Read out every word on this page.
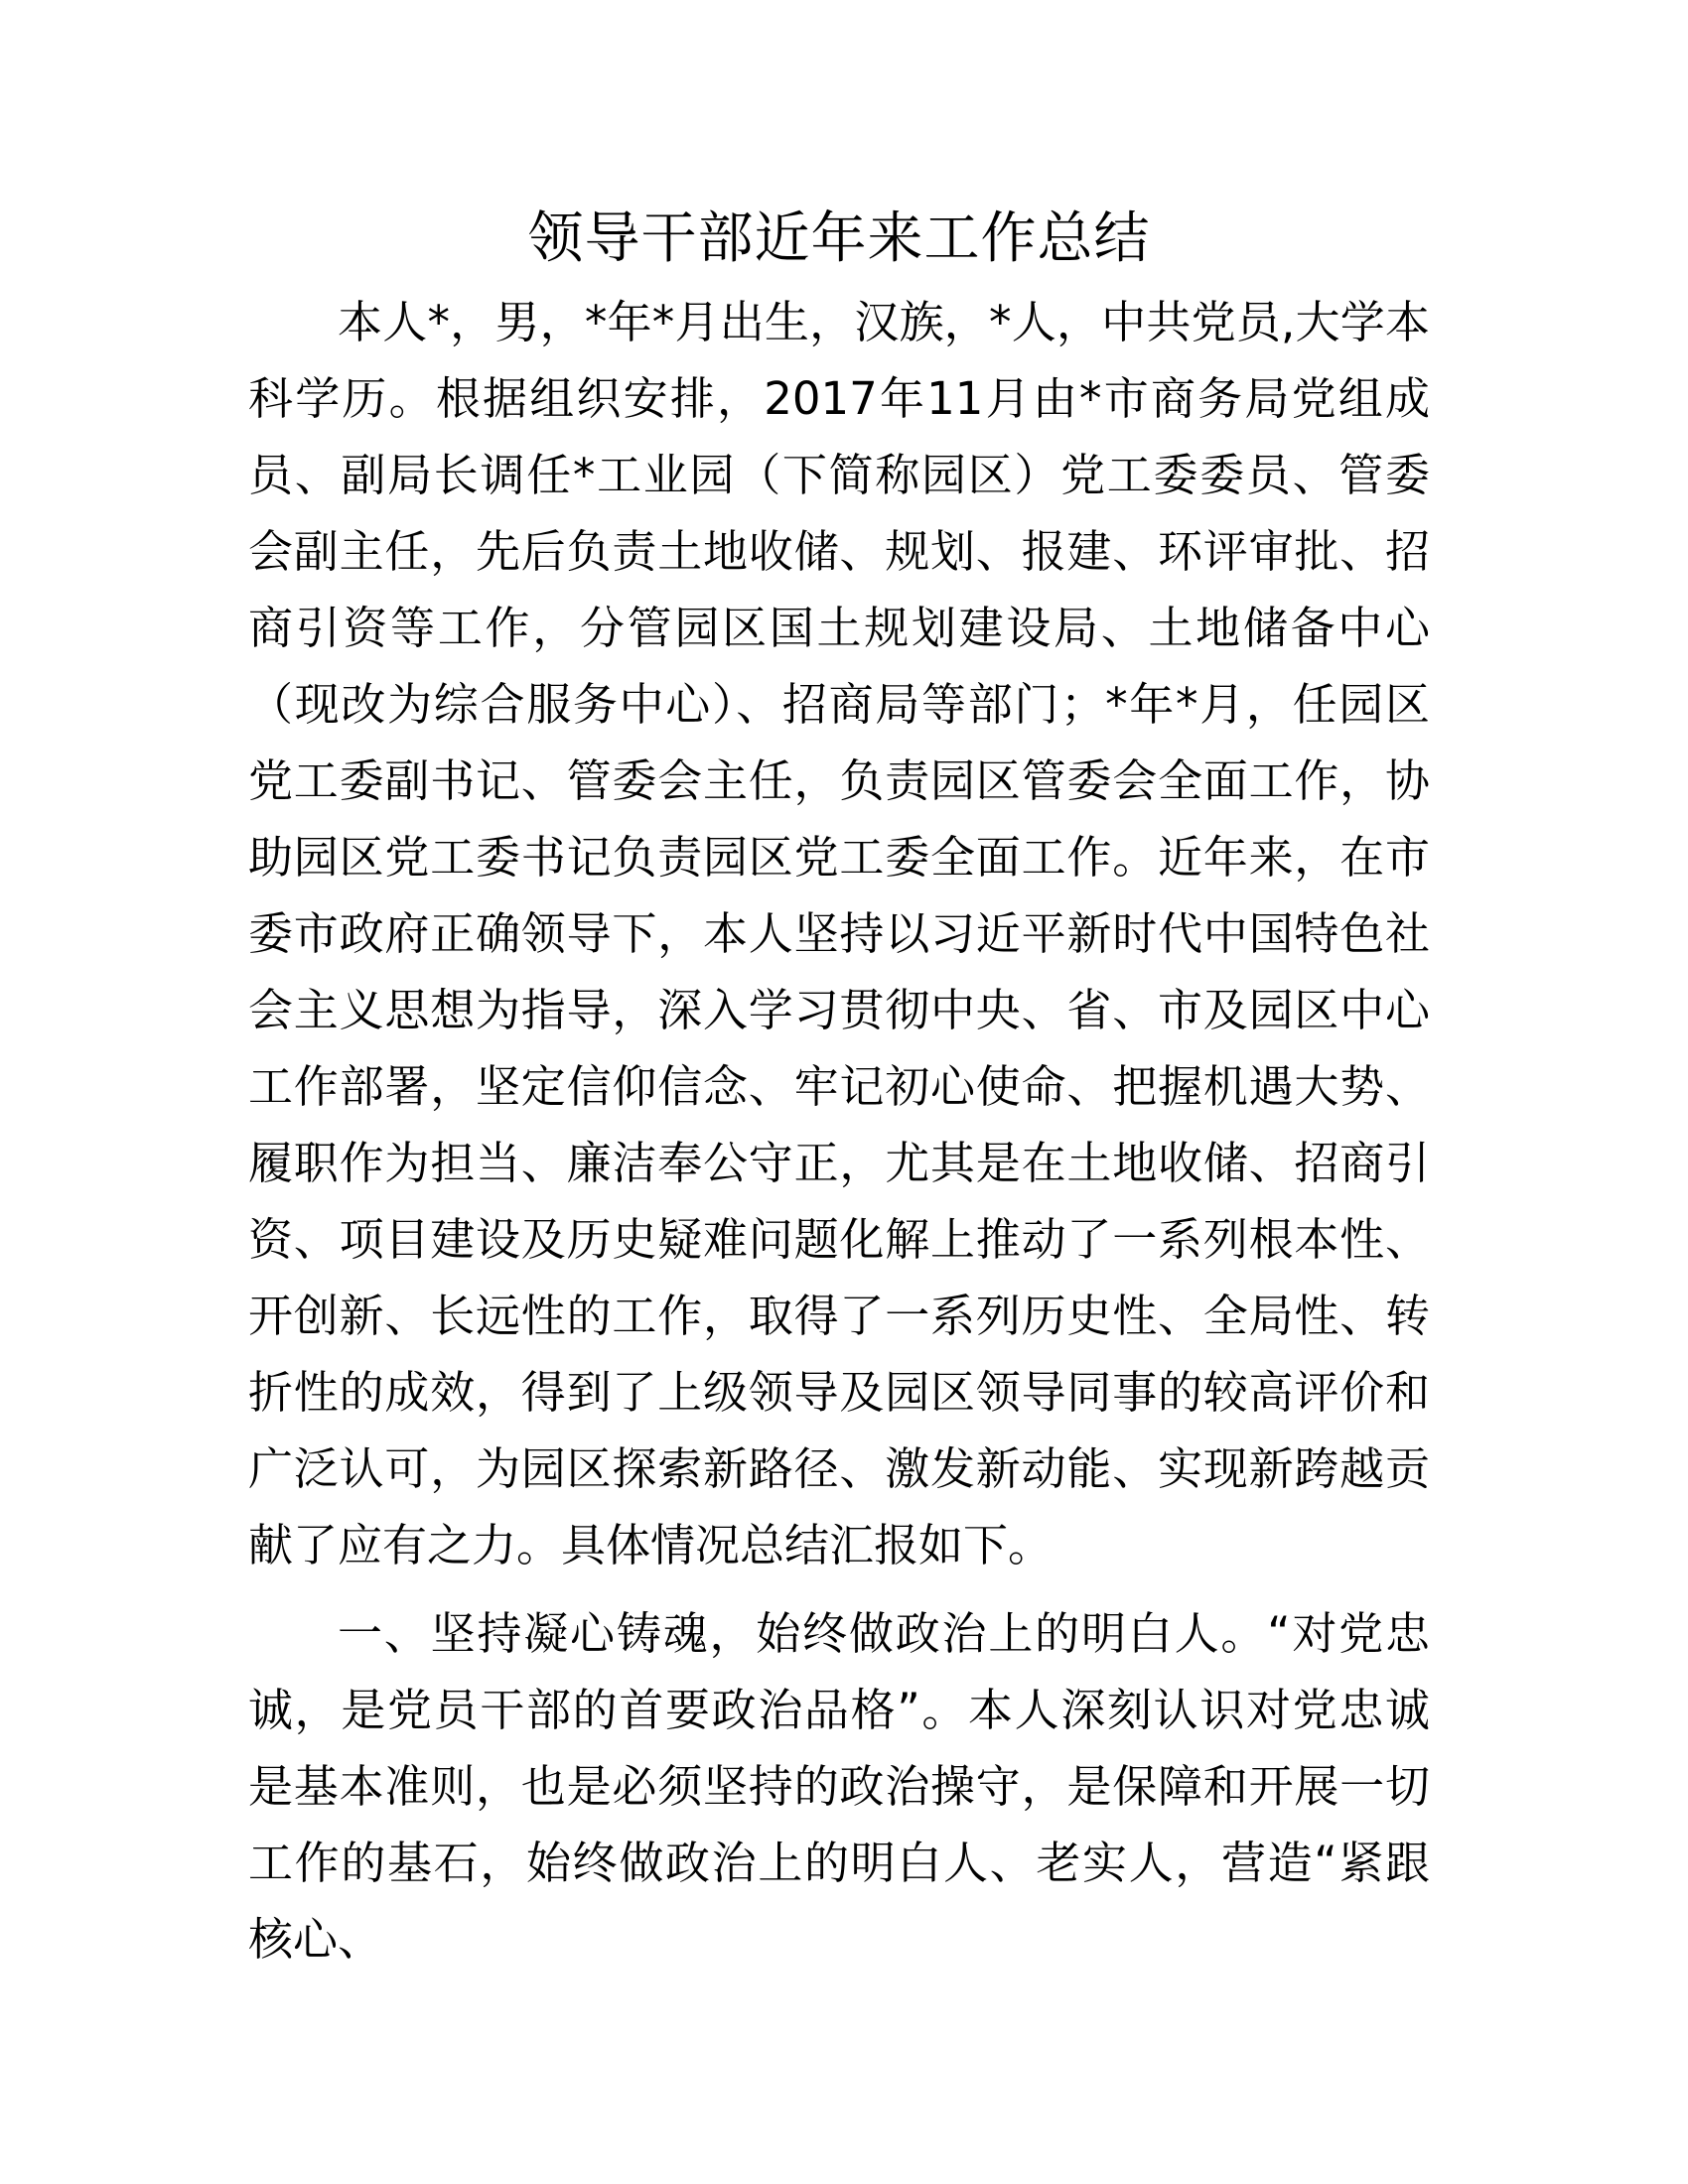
领导干部近年来工作总结

本人*，男，*年*月出生，汉族，*人，中共党员,大学本科学历。根据组织安排，2017年11月由*市商务局党组成员、副局长调任*工业园（下简称园区）党工委委员、管委会副主任，先后负责土地收储、规划、报建、环评审批、招商引资等工作，分管园区国土规划建设局、土地储备中心（现改为综合服务中心）、招商局等部门；*年*月，任园区党工委副书记、管委会主任，负责园区管委会全面工作，协助园区党工委书记负责园区党工委全面工作。近年来，在市委市政府正确领导下，本人坚持以习近平新时代中国特色社会主义思想为指导，深入学习贯彻中央、省、市及园区中心工作部署，坚定信仰信念、牢记初心使命、把握机遇大势、履职作为担当、廉洁奉公守正，尤其是在土地收储、招商引资、项目建设及历史疑难问题化解上推动了一系列根本性、开创新、长远性的工作，取得了一系列历史性、全局性、转折性的成效，得到了上级领导及园区领导同事的较高评价和广泛认可，为园区探索新路径、激发新动能、实现新跨越贡献了应有之力。具体情况总结汇报如下。

一、坚持凝心铸魂，始终做政治上的明白人。“对党忠诚，是党员干部的首要政治品格”。本人深刻认识对党忠诚是基本准则，也是必须坚持的政治操守，是保障和开展一切工作的基石，始终做政治上的明白人、老实人，营造“紧跟核心、
